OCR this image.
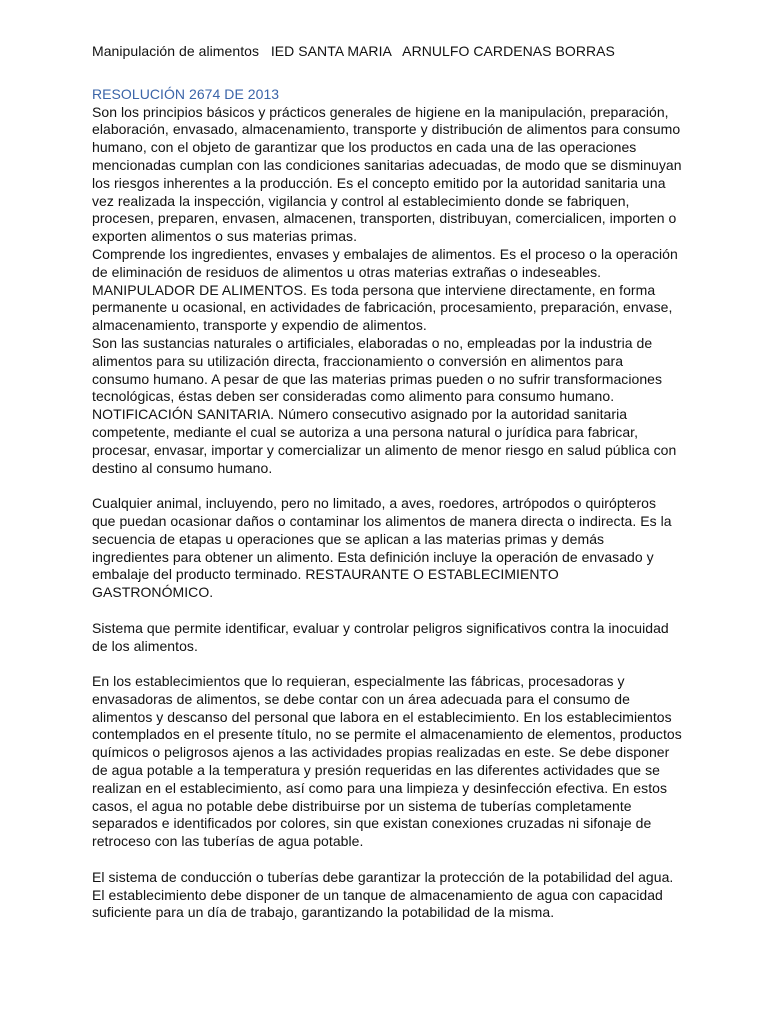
Manipulación de alimentos   IED SANTA MARIA   ARNULFO CARDENAS BORRAS

RESOLUCIÓN 2674 DE 2013

Son los principios básicos y prácticos generales de higiene en la manipulación, preparación, elaboración, envasado, almacenamiento, transporte y distribución de alimentos para consumo humano, con el objeto de garantizar que los productos en cada una de las operaciones mencionadas cumplan con las condiciones sanitarias adecuadas, de modo que se disminuyan los riesgos inherentes a la producción. Es el concepto emitido por la autoridad sanitaria una vez realizada la inspección, vigilancia y control al establecimiento donde se fabriquen, procesen, preparen, envasen, almacenen, transporten, distribuyan, comercialicen, importen o exporten alimentos o sus materias primas.

Comprende los ingredientes, envases y embalajes de alimentos. Es el proceso o la operación de eliminación de residuos de alimentos u otras materias extrañas o indeseables. MANIPULADOR DE ALIMENTOS. Es toda persona que interviene directamente, en forma permanente u ocasional, en actividades de fabricación, procesamiento, preparación, envase, almacenamiento, transporte y expendio de alimentos.

Son las sustancias naturales o artificiales, elaboradas o no, empleadas por la industria de alimentos para su utilización directa, fraccionamiento o conversión en alimentos para consumo humano. A pesar de que las materias primas pueden o no sufrir transformaciones tecnológicas, éstas deben ser consideradas como alimento para consumo humano. NOTIFICACIÓN SANITARIA. Número consecutivo asignado por la autoridad sanitaria competente, mediante el cual se autoriza a una persona natural o jurídica para fabricar, procesar, envasar, importar y comercializar un alimento de menor riesgo en salud pública con destino al consumo humano.

Cualquier animal, incluyendo, pero no limitado, a aves, roedores, artrópodos o quirópteros que puedan ocasionar daños o contaminar los alimentos de manera directa o indirecta. Es la secuencia de etapas u operaciones que se aplican a las materias primas y demás ingredientes para obtener un alimento. Esta definición incluye la operación de envasado y embalaje del producto terminado. RESTAURANTE O ESTABLECIMIENTO GASTRONÓMICO.

Sistema que permite identificar, evaluar y controlar peligros significativos contra la inocuidad de los alimentos.

En los establecimientos que lo requieran, especialmente las fábricas, procesadoras y envasadoras de alimentos, se debe contar con un área adecuada para el consumo de alimentos y descanso del personal que labora en el establecimiento. En los establecimientos contemplados en el presente título, no se permite el almacenamiento de elementos, productos químicos o peligrosos ajenos a las actividades propias realizadas en este. Se debe disponer de agua potable a la temperatura y presión requeridas en las diferentes actividades que se realizan en el establecimiento, así como para una limpieza y desinfección efectiva. En estos casos, el agua no potable debe distribuirse por un sistema de tuberías completamente separados e identificados por colores, sin que existan conexiones cruzadas ni sifonaje de retroceso con las tuberías de agua potable.

El sistema de conducción o tuberías debe garantizar la protección de la potabilidad del agua. El establecimiento debe disponer de un tanque de almacenamiento de agua con capacidad suficiente para un día de trabajo, garantizando la potabilidad de la misma.
